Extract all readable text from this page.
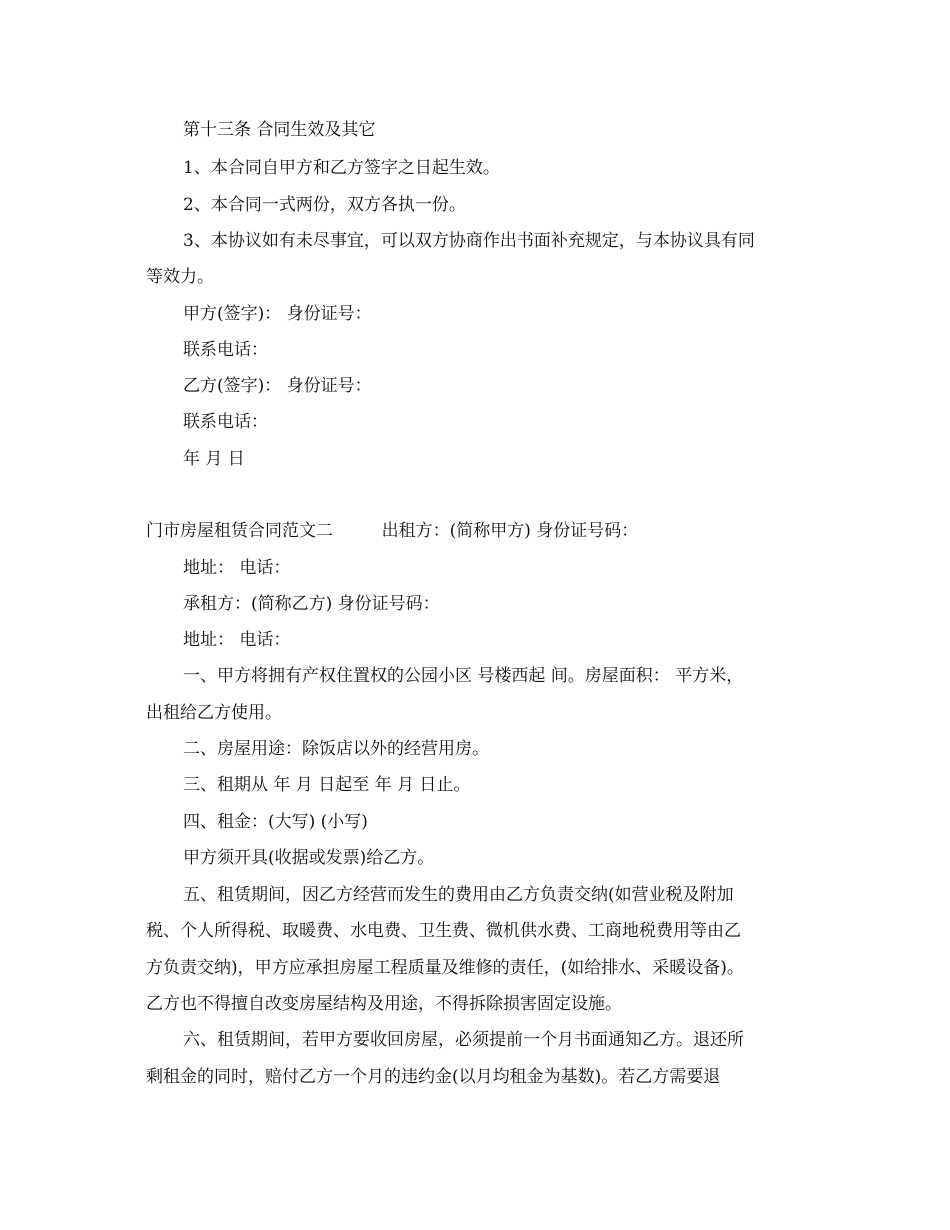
第十三条 合同生效及其它
1、本合同自甲方和乙方签字之日起生效。
2、本合同一式两份，双方各执一份。
3、本协议如有未尽事宜，可以双方协商作出书面补充规定，与本协议具有同
等效力。
甲方(签字)： 身份证号：
联系电话：
乙方(签字)： 身份证号：
联系电话：
年 月 日
门市房屋租赁合同范文二         出租方：(简称甲方) 身份证号码：
地址： 电话：
承租方：(简称乙方) 身份证号码：
地址： 电话：
一、甲方将拥有产权住置权的公园小区 号楼西起 间。房屋面积： 平方米，
出租给乙方使用。
二、房屋用途：除饭店以外的经营用房。
三、租期从 年 月 日起至 年 月 日止。
四、租金：(大写) (小写)
甲方须开具(收据或发票)给乙方。
五、租赁期间，因乙方经营而发生的费用由乙方负责交纳(如营业税及附加
税、个人所得税、取暖费、水电费、卫生费、微机供水费、工商地税费用等由乙
方负责交纳)，甲方应承担房屋工程质量及维修的责任，(如给排水、采暖设备)。
乙方也不得擅自改变房屋结构及用途，不得拆除损害固定设施。
六、租赁期间，若甲方要收回房屋，必须提前一个月书面通知乙方。退还所
剩租金的同时，赔付乙方一个月的违约金(以月均租金为基数)。若乙方需要退
